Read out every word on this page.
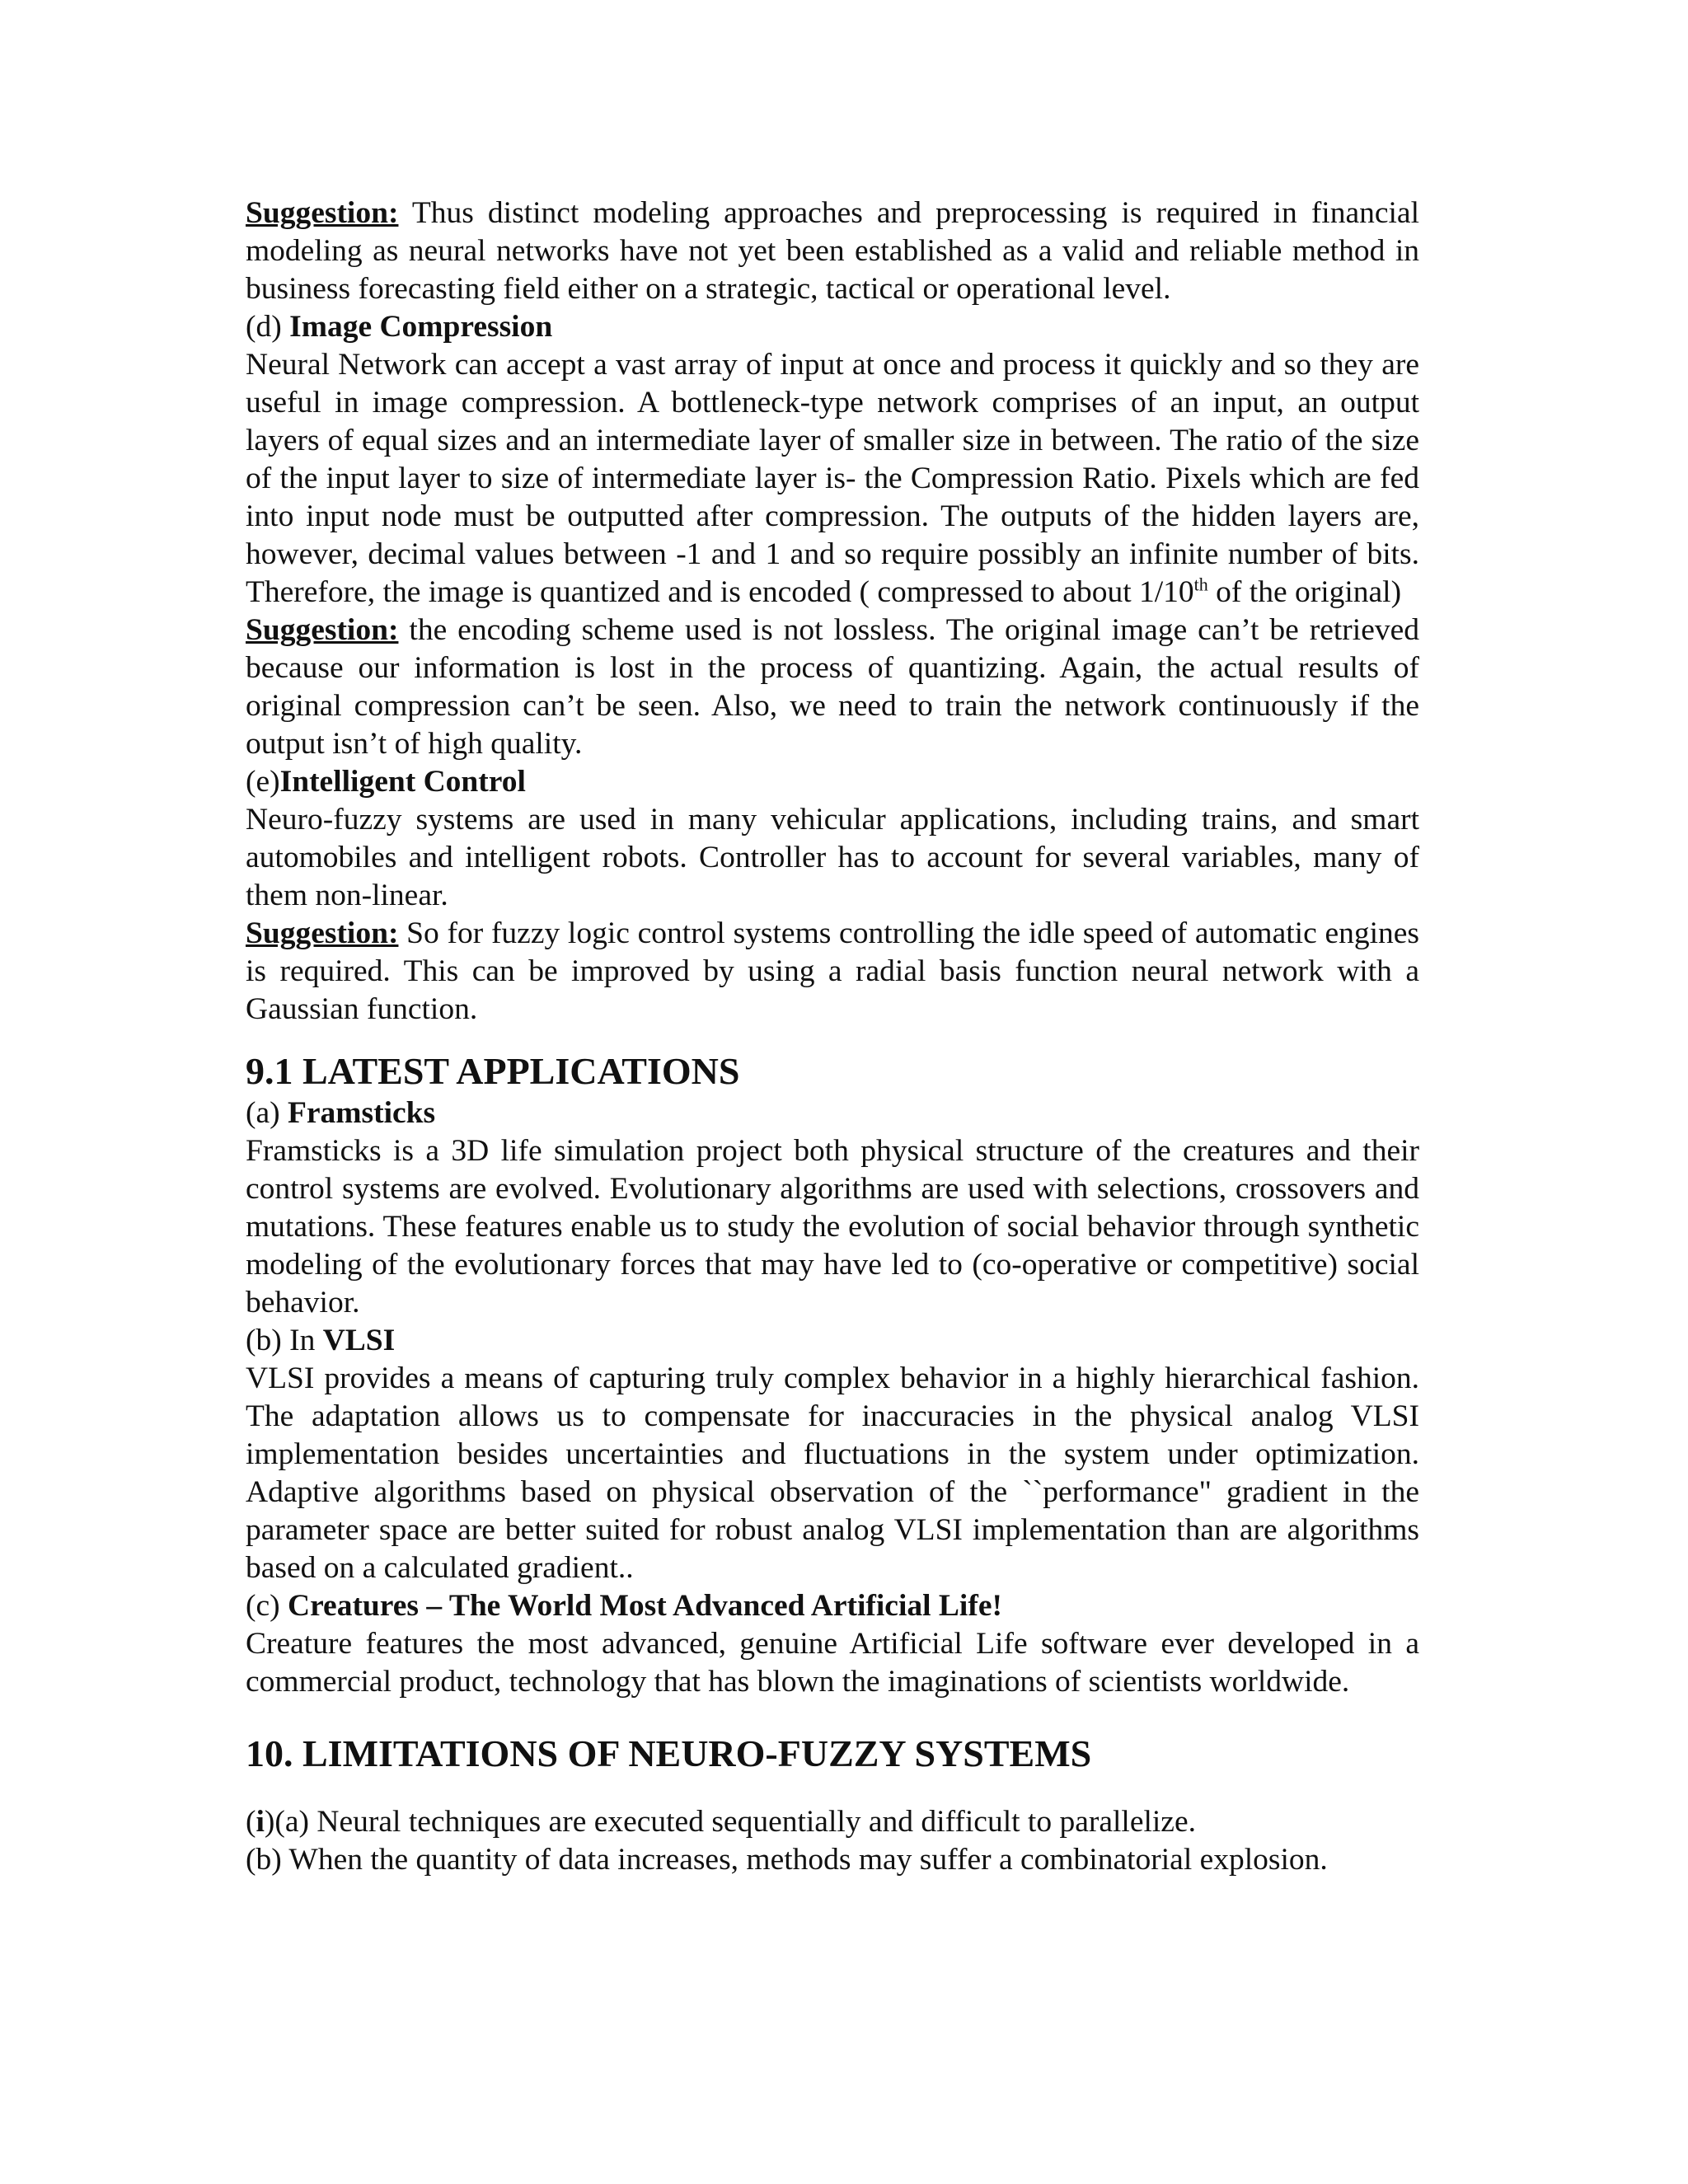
Suggestion: Thus distinct modeling approaches and preprocessing is required in financial modeling as neural networks have not yet been established as a valid and reliable method in business forecasting field either on a strategic, tactical or operational level.

(d) Image Compression

Neural Network can accept a vast array of input at once and process it quickly and so they are useful in image compression. A bottleneck-type network comprises of an input, an output layers of equal sizes and an intermediate layer of smaller size in between. The ratio of the size of the input layer to size of intermediate layer is- the Compression Ratio. Pixels which are fed into input node must be outputted after compression. The outputs of the hidden layers are, however, decimal values between -1 and 1 and so require possibly an infinite number of bits. Therefore, the image is quantized and is encoded ( compressed to about 1/10th of the original)

Suggestion: the encoding scheme used is not lossless. The original image can’t be retrieved because our information is lost in the process of quantizing. Again, the actual results of original compression can’t be seen. Also, we need to train the network continuously if the output isn’t of high quality.

(e)Intelligent Control

Neuro-fuzzy systems are used in many vehicular applications, including trains, and smart automobiles and intelligent robots. Controller has to account for several variables, many of them non-linear.

Suggestion: So for fuzzy logic control systems controlling the idle speed of automatic engines is required. This can be improved by using a radial basis function neural network with a Gaussian function.

9.1 LATEST APPLICATIONS

(a) Framsticks

Framsticks is a 3D life simulation project both physical structure of the creatures and their control systems are evolved. Evolutionary algorithms are used with selections, crossovers and mutations. These features enable us to study the evolution of social behavior through synthetic modeling of the evolutionary forces that may have led to (co-operative or competitive) social behavior.

(b) In VLSI

VLSI provides a means of capturing truly complex behavior in a highly hierarchical fashion. The adaptation allows us to compensate for inaccuracies in the physical analog VLSI implementation besides uncertainties and fluctuations in the system under optimization. Adaptive algorithms based on physical observation of the ``performance" gradient in the parameter space are better suited for robust analog VLSI implementation than are algorithms based on a calculated gradient..

(c) Creatures – The World Most Advanced Artificial Life!

Creature features the most advanced, genuine Artificial Life software ever developed in a commercial product, technology that has blown the imaginations of scientists worldwide.

10. LIMITATIONS OF NEURO-FUZZY SYSTEMS

(i)(a) Neural techniques are executed sequentially and difficult to parallelize.

(b) When the quantity of data increases, methods may suffer a combinatorial explosion.
